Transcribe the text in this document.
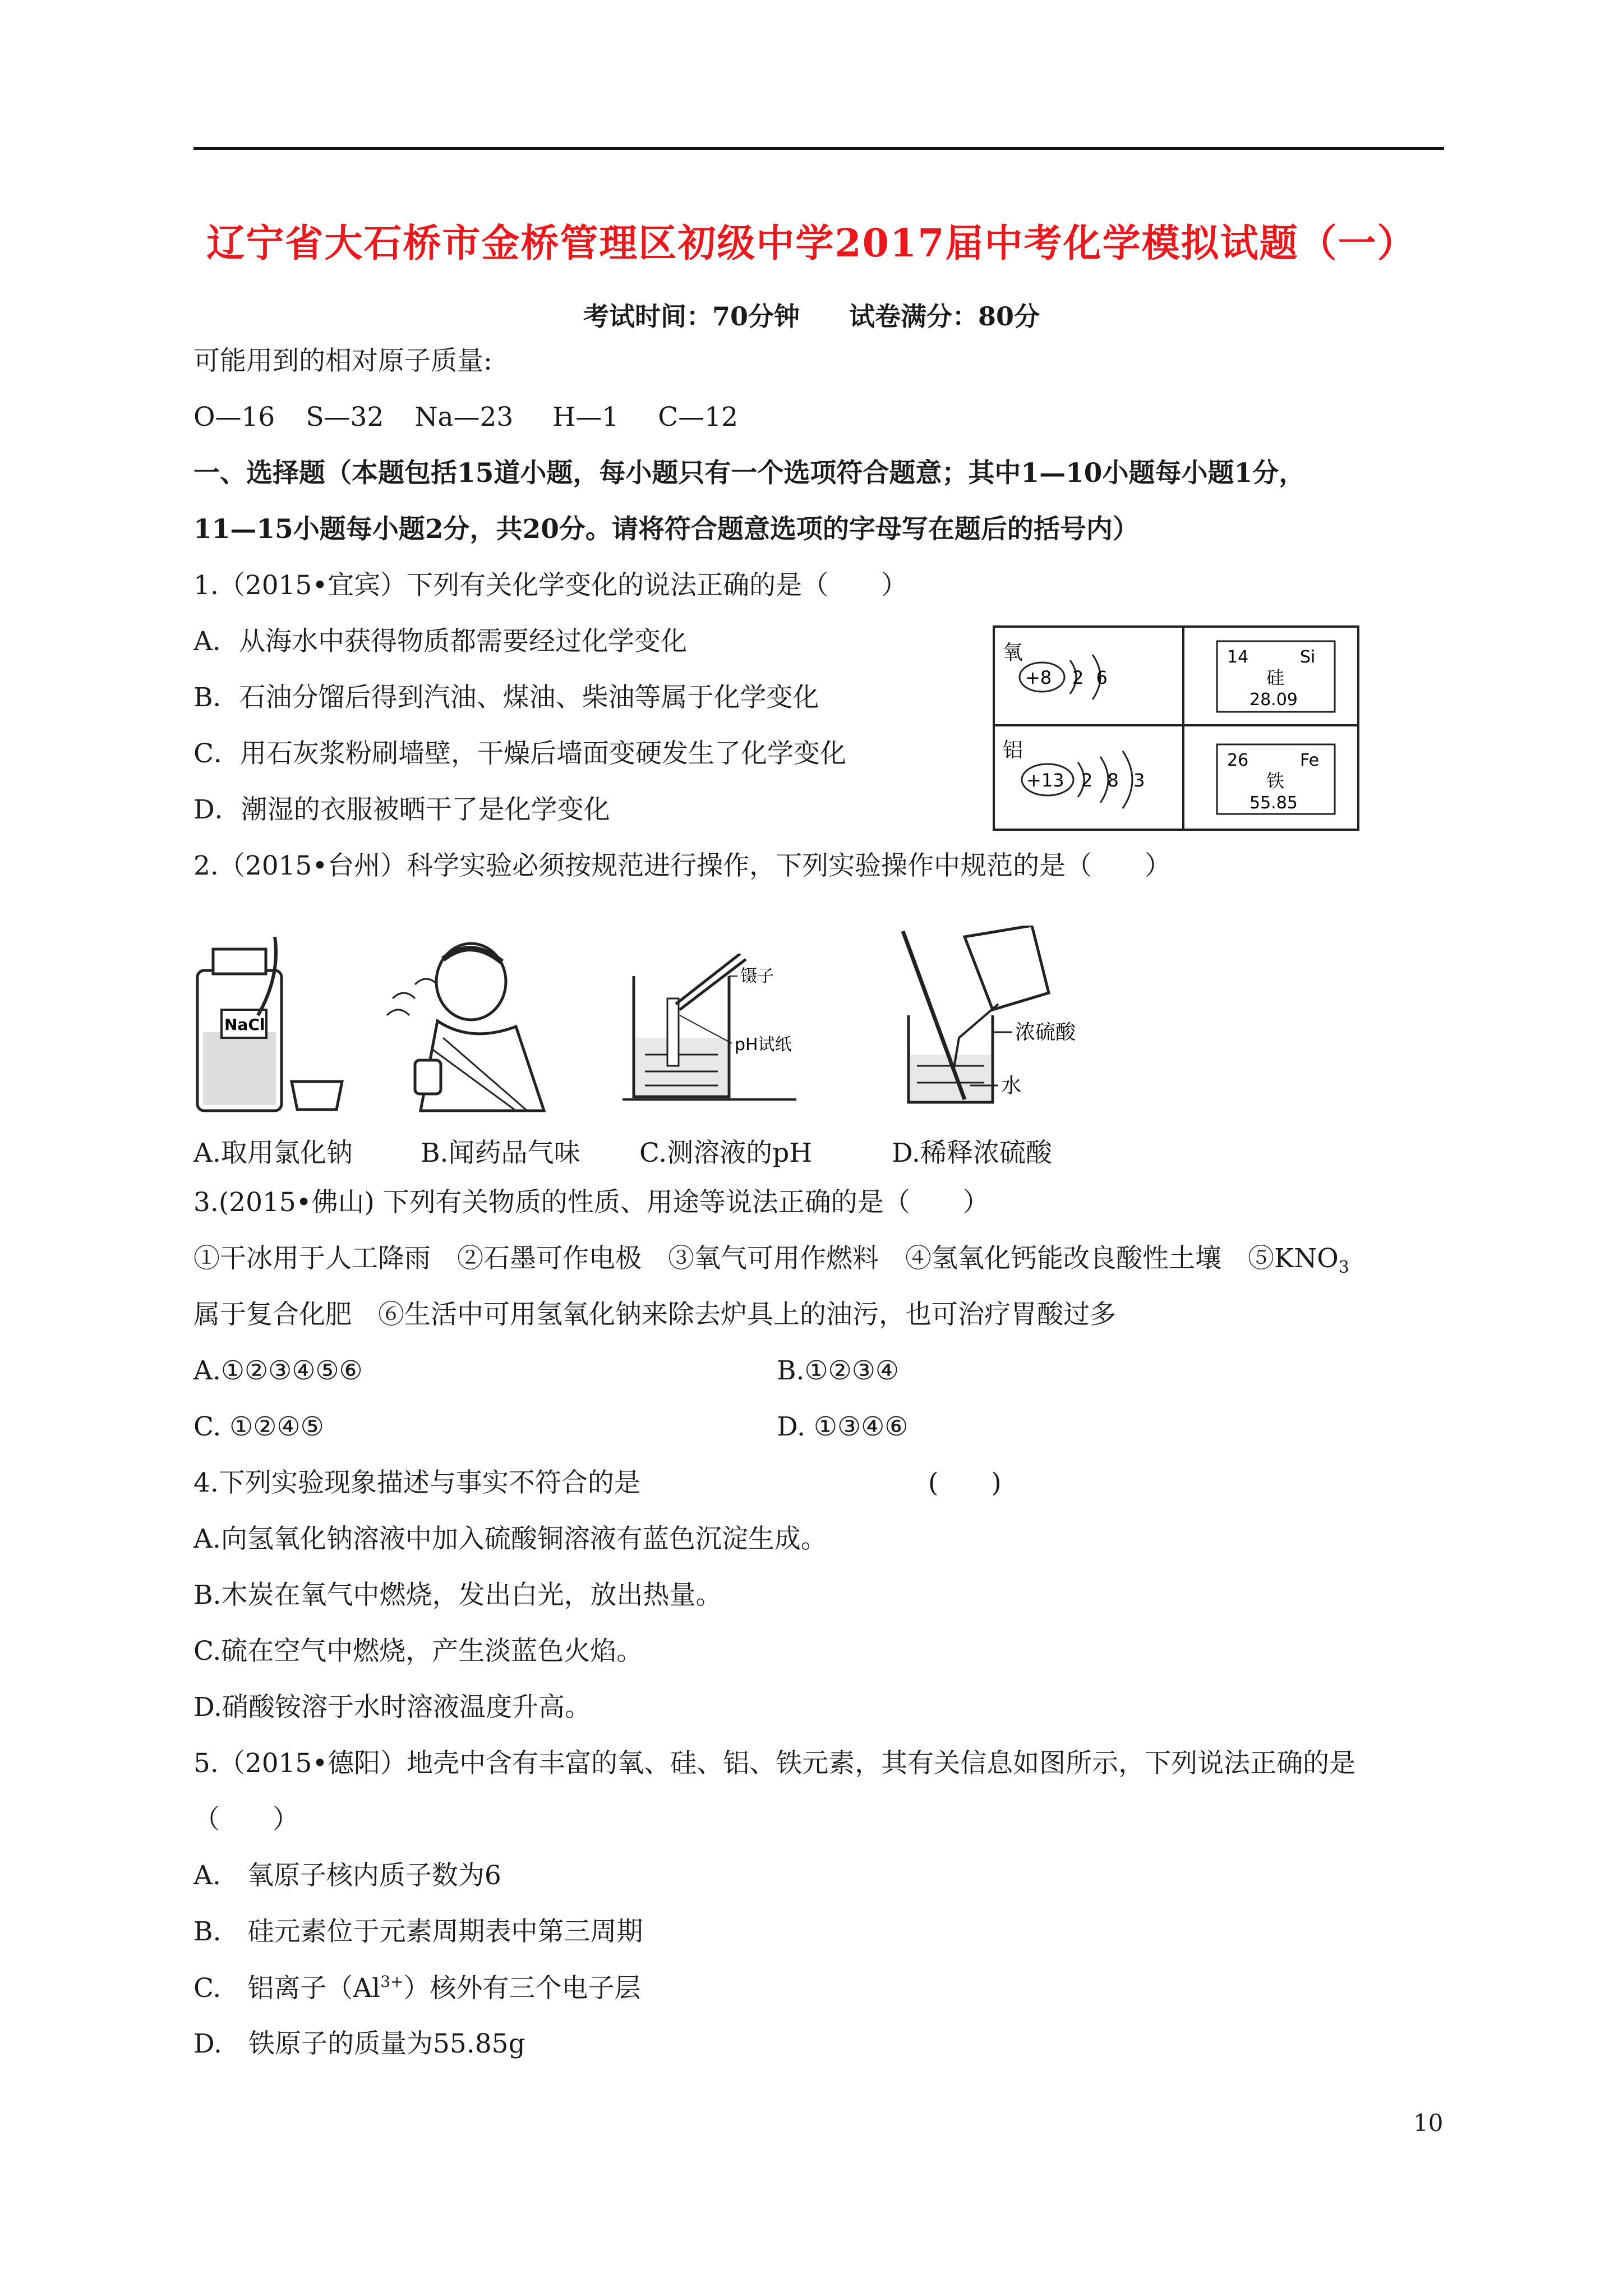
辽宁省大石桥市金桥管理区初级中学2017届中考化学模拟试题（一）
考试时间：70分钟 试卷满分：80分
可能用到的相对原子质量:
O—16 S—32 Na—23 H—1 C—12
一、选择题（本题包括15道小题，每小题只有一个选项符合题意；其中1—10小题每小题1分，
11—15小题每小题2分，共20分。请将符合题意选项的字母写在题后的括号内）
1.（2015•宜宾）下列有关化学变化的说法正确的是（　　）
A．从海水中获得物质都需要经过化学变化
B．石油分馏后得到汽油、煤油、柴油等属于化学变化
C．用石灰浆粉刷墙壁，干燥后墙面变硬发生了化学变化
D．潮湿的衣服被晒干了是化学变化
氧
+8 2 6
14	Si
硅
28.09
铝
+13 2 8 3
26	Fe
铁
55.85
2.（2015•台州）科学实验必须按规范进行操作，下列实验操作中规范的是（　　）
NaCl
镊子
pH试纸
浓硫酸
水
A.取用氯化钠	B.闻药品气味 C.测溶液的pH	D.稀释浓硫酸
3.(2015•佛山) 下列有关物质的性质、用途等说法正确的是（　　）
①干冰用于人工降雨　②石墨可作电极　③氧气可用作燃料　④氢氧化钙能改良酸性土壤　$⑤KNO_3$
属于复合化肥　⑥生活中可用氢氧化钠来除去炉具上的油污，也可治疗胃酸过多
A.①②③④⑤⑥	B.①②③④
C. ①②④⑤	D. ①③④⑥
4.下列实验现象描述与事实不符合的是	(　　)
A.向氢氧化钠溶液中加入硫酸铜溶液有蓝色沉淀生成。
B.木炭在氧气中燃烧，发出白光，放出热量。
C.硫在空气中燃烧，产生淡蓝色火焰。
D.硝酸铵溶于水时溶液温度升高。
5.（2015•德阳）地壳中含有丰富的氧、硅、铝、铁元素，其有关信息如图所示，下列说法正确的是
（　　）
A.　氧原子核内质子数为6
B.　硅元素位于元素周期表中第三周期
C.　铝离子$(Al^{3+})$核外有三个电子层
D.　铁原子的质量为55.85g
10
